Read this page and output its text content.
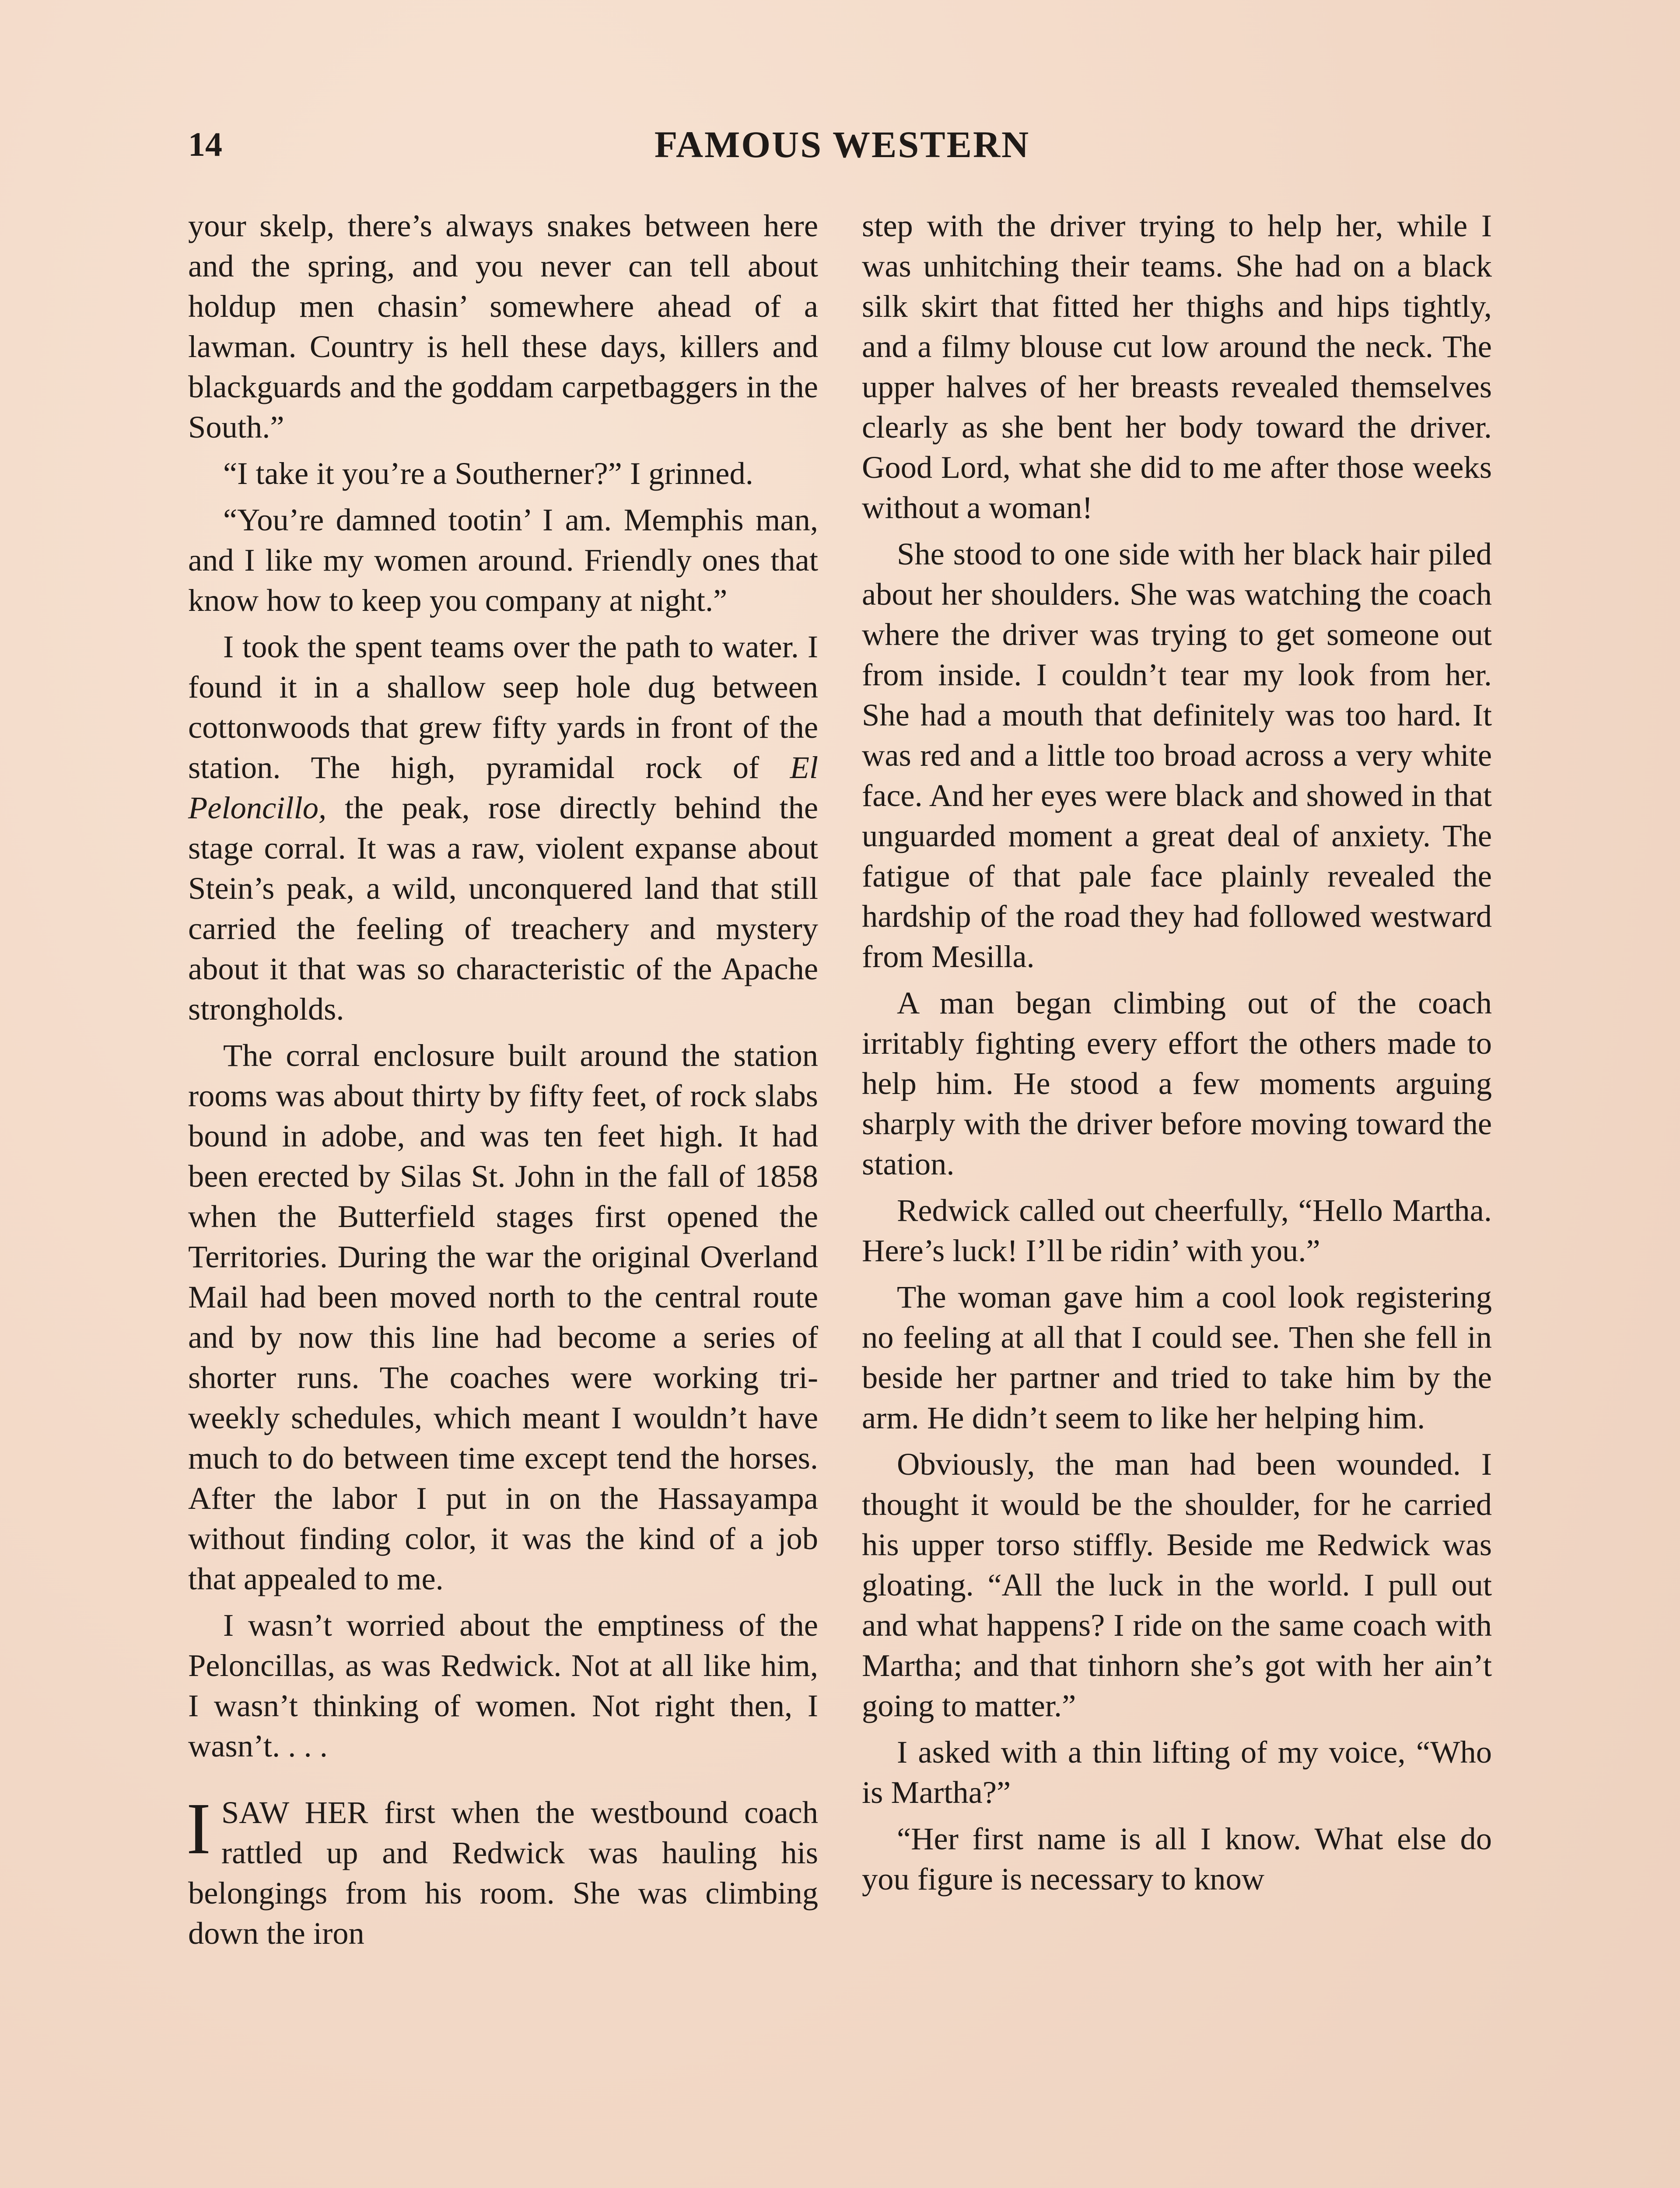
14	FAMOUS WESTERN

your skelp, there’s always snakes between here and the spring, and you never can tell about holdup men chasin’ somewhere ahead of a lawman. Country is hell these days, killers and blackguards and the goddam carpetbaggers in the South.”

“I take it you’re a Southerner?” I grinned.

“You’re damned tootin’ I am. Memphis man, and I like my women around. Friendly ones that know how to keep you company at night.”

I took the spent teams over the path to water. I found it in a shallow seep hole dug between cottonwoods that grew fifty yards in front of the station. The high, pyramidal rock of El Peloncillo, the peak, rose directly behind the stage corral. It was a raw, violent expanse about Stein’s peak, a wild, unconquered land that still carried the feeling of treachery and mystery about it that was so characteristic of the Apache strongholds.

The corral enclosure built around the station rooms was about thirty by fifty feet, of rock slabs bound in adobe, and was ten feet high. It had been erected by Silas St. John in the fall of 1858 when the Butterfield stages first opened the Territories. During the war the original Overland Mail had been moved north to the central route and by now this line had become a series of shorter runs. The coaches were working tri-weekly schedules, which meant I wouldn’t have much to do between time except tend the horses. After the labor I put in on the Hassayampa without finding color, it was the kind of a job that appealed to me.

I wasn’t worried about the emptiness of the Peloncillas, as was Redwick. Not at all like him, I wasn’t thinking of women. Not right then, I wasn’t. . . .

I SAW HER first when the westbound coach rattled up and Redwick was hauling his belongings from his room. She was climbing down the iron

step with the driver trying to help her, while I was unhitching their teams. She had on a black silk skirt that fitted her thighs and hips tightly, and a filmy blouse cut low around the neck. The upper halves of her breasts revealed themselves clearly as she bent her body toward the driver. Good Lord, what she did to me after those weeks without a woman!

She stood to one side with her black hair piled about her shoulders. She was watching the coach where the driver was trying to get someone out from inside. I couldn’t tear my look from her. She had a mouth that definitely was too hard. It was red and a little too broad across a very white face. And her eyes were black and showed in that unguarded moment a great deal of anxiety. The fatigue of that pale face plainly revealed the hardship of the road they had followed westward from Mesilla.

A man began climbing out of the coach irritably fighting every effort the others made to help him. He stood a few moments arguing sharply with the driver before moving toward the station.

Redwick called out cheerfully, “Hello Martha. Here’s luck! I’ll be ridin’ with you.”

The woman gave him a cool look registering no feeling at all that I could see. Then she fell in beside her partner and tried to take him by the arm. He didn’t seem to like her helping him.

Obviously, the man had been wounded. I thought it would be the shoulder, for he carried his upper torso stiffly. Beside me Redwick was gloating. “All the luck in the world. I pull out and what happens? I ride on the same coach with Martha; and that tinhorn she’s got with her ain’t going to matter.”

I asked with a thin lifting of my voice, “Who is Martha?”

“Her first name is all I know. What else do you figure is necessary to know
